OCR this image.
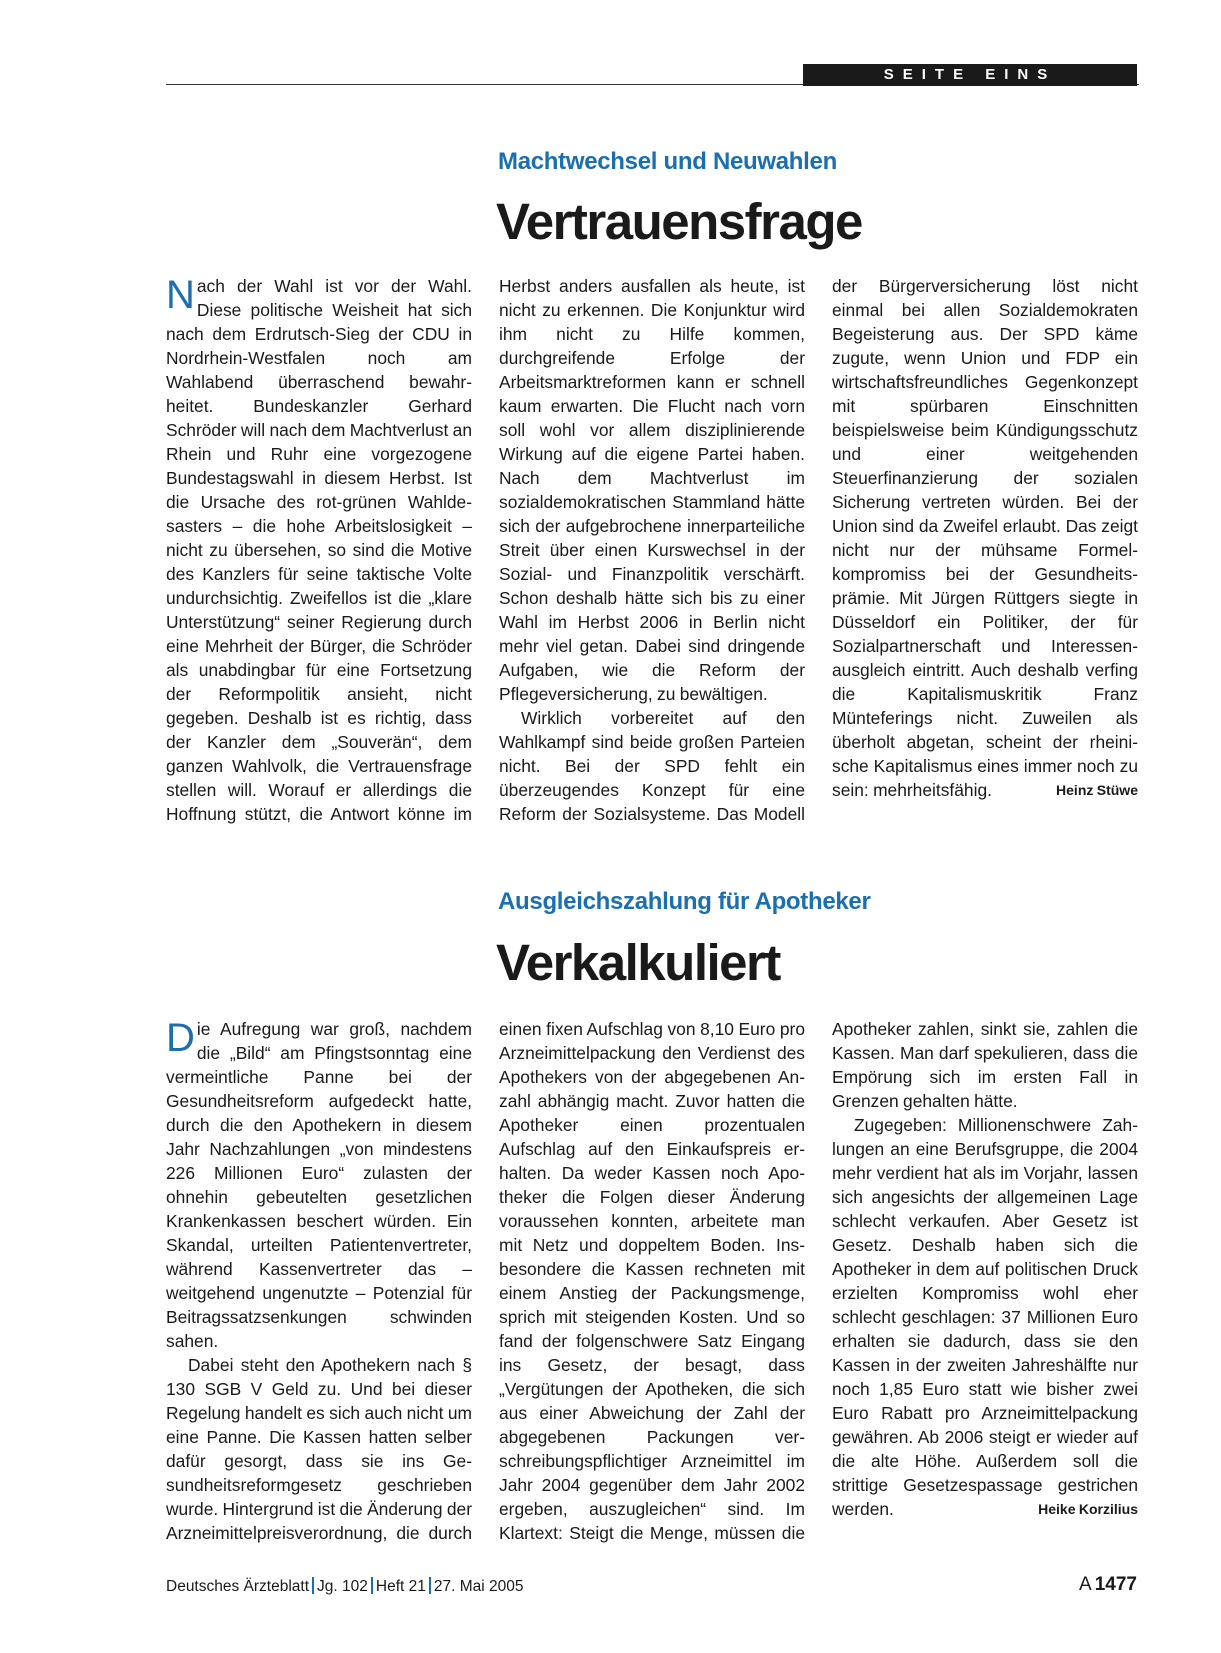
SEITE EINS
Machtwechsel und Neuwahlen
Vertrauensfrage

Nach der Wahl ist vor der Wahl. Diese politische Weisheit hat sich nach dem Erdrutsch-Sieg der CDU in Nordrhein-Westfalen noch am Wahlabend überraschend bewahrheitet. Bundeskanzler Gerhard Schröder will nach dem Machtverlust an Rhein und Ruhr eine vorgezogene Bundestagswahl in diesem Herbst. Ist die Ursache des rot-grünen Wahldesasters – die hohe Arbeitslosigkeit – nicht zu übersehen, so sind die Motive des Kanzlers für seine taktische Volte undurchsichtig. Zweifellos ist die „klare Unterstützung“ seiner Regierung durch eine Mehrheit der Bürger, die Schröder als unabdingbar für eine Fortsetzung der Reformpolitik ansieht, nicht gegeben. Deshalb ist es richtig, dass der Kanzler dem „Souverän“, dem ganzen Wahlvolk, die Vertrauensfrage stellen will. Worauf er allerdings die Hoffnung stützt, die Antwort könne im Herbst anders ausfallen als heute, ist nicht zu erkennen. Die Konjunktur wird ihm nicht zu Hilfe kommen, durchgreifende Erfolge der Arbeitsmarktreformen kann er schnell kaum erwarten. Die Flucht nach vorn soll wohl vor allem disziplinierende Wirkung auf die eigene Partei haben. Nach dem Machtverlust im sozialdemokratischen Stammland hätte sich der aufgebrochene innerparteiliche Streit über einen Kurswechsel in der Sozial- und Finanzpolitik verschärft. Schon deshalb hätte sich bis zu einer Wahl im Herbst 2006 in Berlin nicht mehr viel getan. Dabei sind dringende Aufgaben, wie die Reform der Pflegeversicherung, zu bewältigen.

Wirklich vorbereitet auf den Wahlkampf sind beide großen Parteien nicht. Bei der SPD fehlt ein überzeugendes Konzept für eine Reform der Sozialsysteme. Das Modell der Bürgerversicherung löst nicht einmal bei allen Sozialdemokraten Begeisterung aus. Der SPD käme zugute, wenn Union und FDP ein wirtschaftsfreundliches Gegenkonzept mit spürbaren Einschnitten beispielsweise beim Kündigungsschutz und einer weitgehenden Steuerfinanzierung der sozialen Sicherung vertreten würden. Bei der Union sind da Zweifel erlaubt. Das zeigt nicht nur der mühsame Formelkompromiss bei der Gesundheitsprämie. Mit Jürgen Rüttgers siegte in Düsseldorf ein Politiker, der für Sozialpartnerschaft und Interessenausgleich eintritt. Auch deshalb verfing die Kapitalismuskritik Franz Münteferings nicht. Zuweilen als überholt abgetan, scheint der rheinische Kapitalismus eines immer noch zu sein: mehrheitsfähig.	Heinz Stüwe

Ausgleichszahlung für Apotheker
Verkalkuliert

Die Aufregung war groß, nachdem die „Bild“ am Pfingstsonntag eine vermeintliche Panne bei der Gesundheitsreform aufgedeckt hatte, durch die den Apothekern in diesem Jahr Nachzahlungen „von mindestens 226 Millionen Euro“ zulasten der ohnehin gebeutelten gesetzlichen Krankenkassen beschert würden. Ein Skandal, urteilten Patientenvertreter, während Kassenvertreter das – weitgehend ungenutzte – Potenzial für Beitragssatzsenkungen schwinden sahen.

Dabei steht den Apothekern nach § 130 SGB V Geld zu. Und bei dieser Regelung handelt es sich auch nicht um eine Panne. Die Kassen hatten selber dafür gesorgt, dass sie ins Gesundheitsreformgesetz geschrieben wurde. Hintergrund ist die Änderung der Arzneimittelpreisverordnung, die durch einen fixen Aufschlag von 8,10 Euro pro Arzneimittelpackung den Verdienst des Apothekers von der abgegebenen Anzahl abhängig macht. Zuvor hatten die Apotheker einen prozentualen Aufschlag auf den Einkaufspreis erhalten. Da weder Kassen noch Apotheker die Folgen dieser Änderung voraussehen konnten, arbeitete man mit Netz und doppeltem Boden. Insbesondere die Kassen rechneten mit einem Anstieg der Packungsmenge, sprich mit steigenden Kosten. Und so fand der folgenschwere Satz Eingang ins Gesetz, der besagt, dass „Vergütungen der Apotheken, die sich aus einer Abweichung der Zahl der abgegebenen Packungen verschreibungspflichtiger Arzneimittel im Jahr 2004 gegenüber dem Jahr 2002 ergeben, auszugleichen“ sind. Im Klartext: Steigt die Menge, müssen die Apotheker zahlen, sinkt sie, zahlen die Kassen. Man darf spekulieren, dass die Empörung sich im ersten Fall in Grenzen gehalten hätte.

Zugegeben: Millionenschwere Zahlungen an eine Berufsgruppe, die 2004 mehr verdient hat als im Vorjahr, lassen sich angesichts der allgemeinen Lage schlecht verkaufen. Aber Gesetz ist Gesetz. Deshalb haben sich die Apotheker in dem auf politischen Druck erzielten Kompromiss wohl eher schlecht geschlagen: 37 Millionen Euro erhalten sie dadurch, dass sie den Kassen in der zweiten Jahreshälfte nur noch 1,85 Euro statt wie bisher zwei Euro Rabatt pro Arzneimittelpackung gewähren. Ab 2006 steigt er wieder auf die alte Höhe. Außerdem soll die strittige Gesetzespassage gestrichen werden.	Heike Korzilius

Deutsches Ärzteblatt Jg. 102 Heft 21 27. Mai 2005	A 1477
